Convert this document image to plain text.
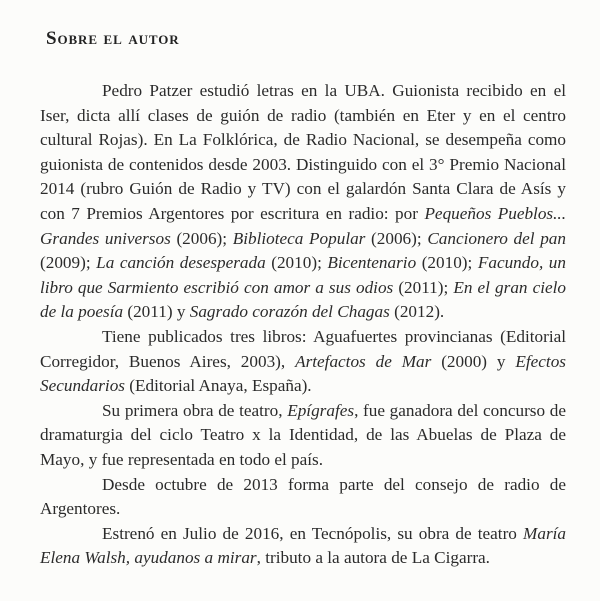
Sobre el autor

Pedro Patzer estudió letras en la UBA. Guionista recibido en el Iser, dicta allí clases de guión de radio (también en Eter y en el centro cultural Rojas). En La Folklórica, de Radio Nacional, se desempeña como guionista de contenidos desde 2003. Distinguido con el 3° Premio Nacional 2014 (rubro Guión de Radio y TV) con el galardón Santa Clara de Asís y con 7 Premios Argentores por escritura en radio: por Pequeños Pueblos... Grandes universos (2006); Biblioteca Popular (2006); Cancionero del pan (2009); La canción desesperada (2010); Bicentenario (2010); Facundo, un libro que Sarmiento escribió con amor a sus odios (2011); En el gran cielo de la poesía (2011) y Sagrado corazón del Chagas (2012).

Tiene publicados tres libros: Aguafuertes provincianas (Editorial Corregidor, Buenos Aires, 2003), Artefactos de Mar (2000) y Efectos Secundarios (Editorial Anaya, España).

Su primera obra de teatro, Epígrafes, fue ganadora del concurso de dramaturgia del ciclo Teatro x la Identidad, de las Abuelas de Plaza de Mayo, y fue representada en todo el país.

Desde octubre de 2013 forma parte del consejo de radio de Argentores.

Estrenó en Julio de 2016, en Tecnópolis, su obra de teatro María Elena Walsh, ayudanos a mirar, tributo a la autora de La Cigarra.
